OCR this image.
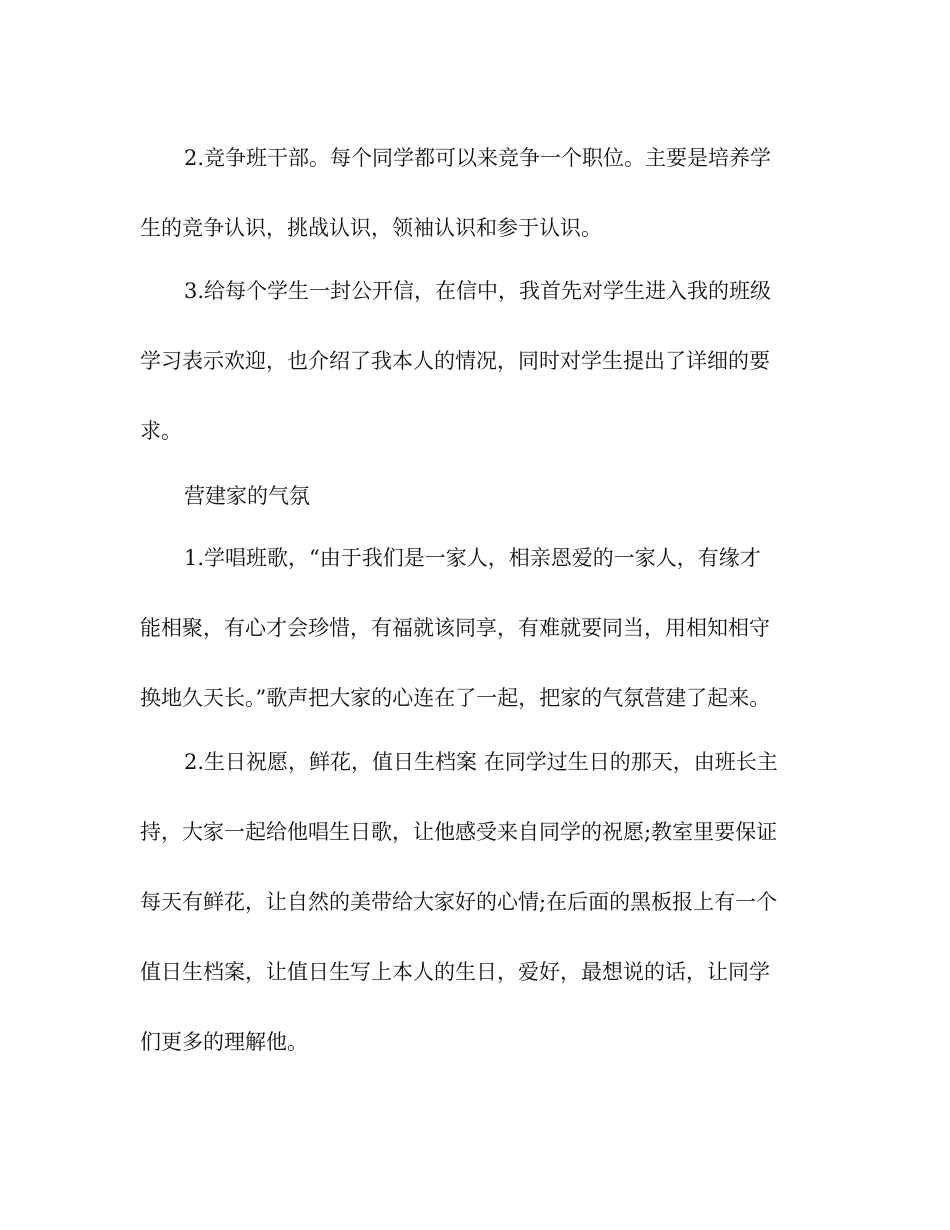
2.竞争班干部。每个同学都可以来竞争一个职位。主要是培养学
生的竞争认识，挑战认识，领袖认识和参于认识。
3.给每个学生一封公开信，在信中，我首先对学生进入我的班级
学习表示欢迎，也介绍了我本人的情况，同时对学生提出了详细的要
求。
营建家的气氛
1.学唱班歌，“由于我们是一家人，相亲恩爱的一家人，有缘才
能相聚，有心才会珍惜，有福就该同享，有难就要同当，用相知相守
换地久天长。”歌声把大家的心连在了一起，把家的气氛营建了起来。
2.生日祝愿，鲜花，值日生档案 在同学过生日的那天，由班长主
持，大家一起给他唱生日歌，让他感受来自同学的祝愿;教室里要保证
每天有鲜花，让自然的美带给大家好的心情;在后面的黑板报上有一个
值日生档案，让值日生写上本人的生日，爱好，最想说的话，让同学
们更多的理解他。
